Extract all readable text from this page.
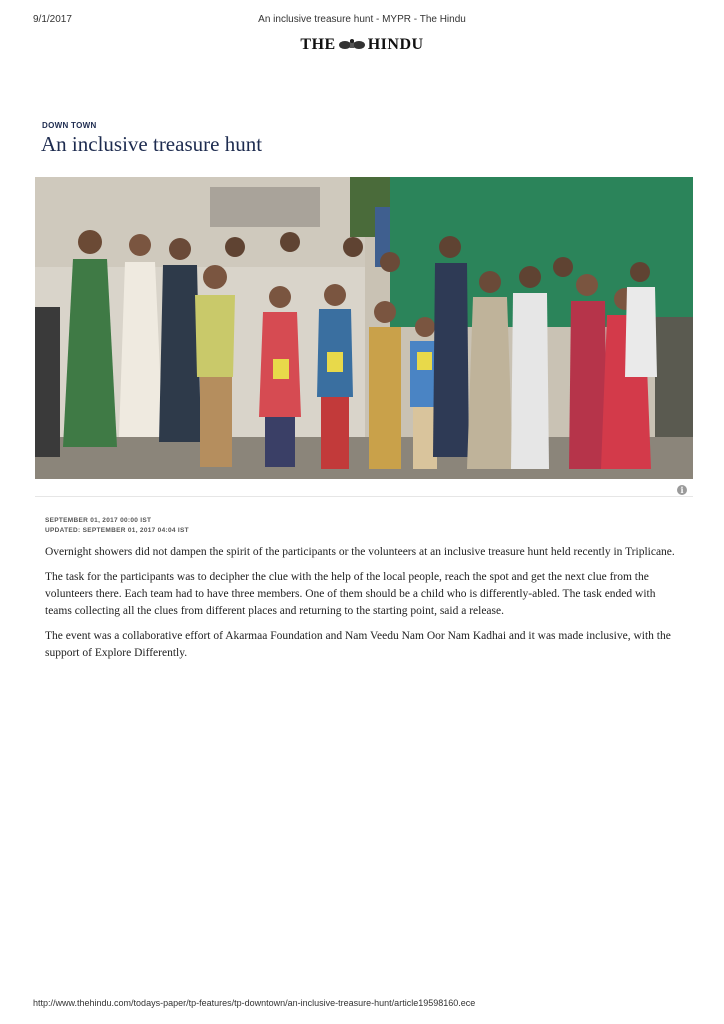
9/1/2017	An inclusive treasure hunt - MYPR - The Hindu
THE HINDU
DOWN TOWN
An inclusive treasure hunt
i
SEPTEMBER 01, 2017 00:00 IST
UPDATED: SEPTEMBER 01, 2017 04:04 IST

Overnight showers did not dampen the spirit of the participants or the volunteers at an inclusive treasure hunt held recently in Triplicane.

The task for the participants was to decipher the clue with the help of the local people, reach the spot and get the next clue from the volunteers there. Each team had to have three members. One of them should be a child who is differently-abled. The task ended with teams collecting all the clues from different places and returning to the starting point, said a release.

The event was a collaborative effort of Akarmaa Foundation and Nam Veedu Nam Oor Nam Kadhai and it was made inclusive, with the support of Explore Differently.

http://www.thehindu.com/todays-paper/tp-features/tp-downtown/an-inclusive-treasure-hunt/article19598160.ece
